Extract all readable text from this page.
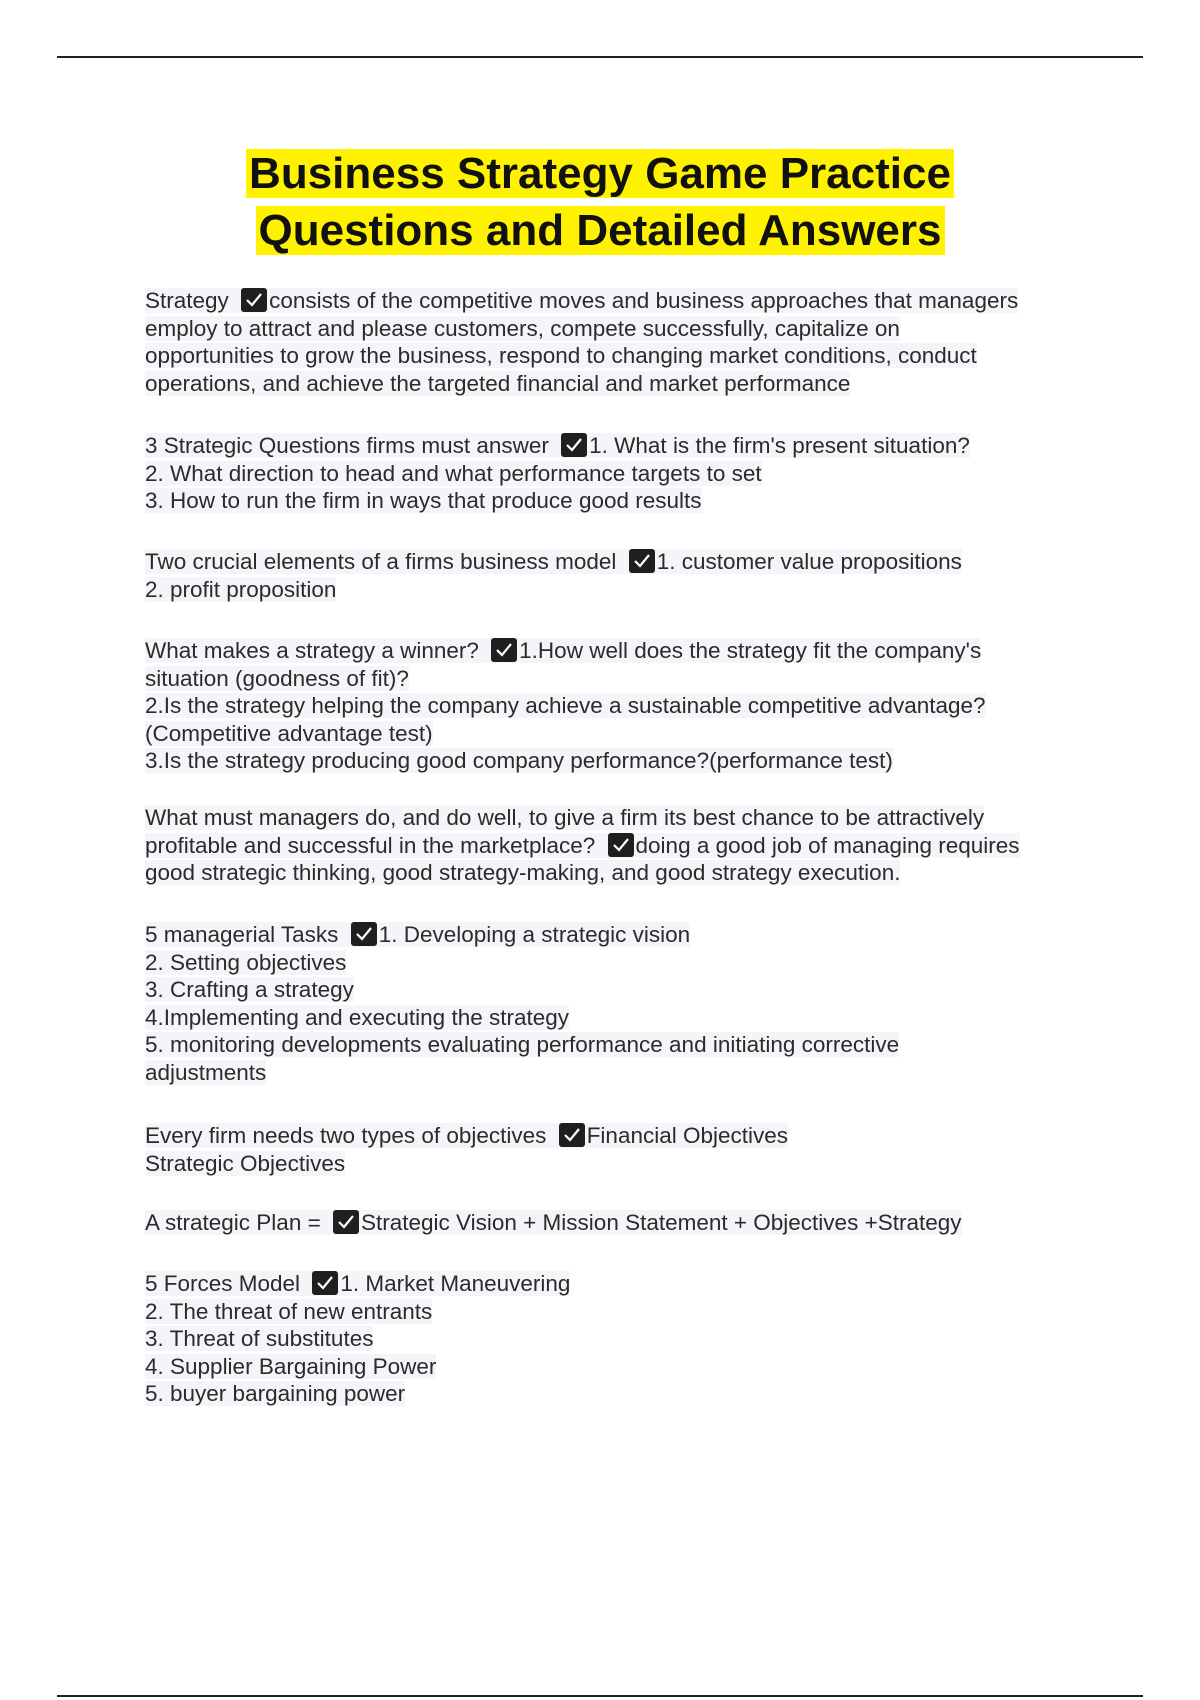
Business Strategy Game Practice
Questions and Detailed Answers
Strategy consists of the competitive moves and business approaches that managers
employ to attract and please customers, compete successfully, capitalize on
opportunities to grow the business, respond to changing market conditions, conduct
operations, and achieve the targeted financial and market performance
3 Strategic Questions firms must answer 1. What is the firm's present situation?
2. What direction to head and what performance targets to set
3. How to run the firm in ways that produce good results
Two crucial elements of a firms business model 1. customer value propositions
2. profit proposition
What makes a strategy a winner? 1.How well does the strategy fit the company's
situation (goodness of fit)?
2.Is the strategy helping the company achieve a sustainable competitive advantage?
(Competitive advantage test)
3.Is the strategy producing good company performance?(performance test)
What must managers do, and do well, to give a firm its best chance to be attractively
profitable and successful in the marketplace? doing a good job of managing requires
good strategic thinking, good strategy-making, and good strategy execution.
5 managerial Tasks 1. Developing a strategic vision
2. Setting objectives
3. Crafting a strategy
4.Implementing and executing the strategy
5. monitoring developments evaluating performance and initiating corrective
adjustments
Every firm needs two types of objectives Financial Objectives
Strategic Objectives
A strategic Plan = Strategic Vision + Mission Statement + Objectives +Strategy
5 Forces Model 1. Market Maneuvering
2. The threat of new entrants
3. Threat of substitutes
4. Supplier Bargaining Power
5. buyer bargaining power
